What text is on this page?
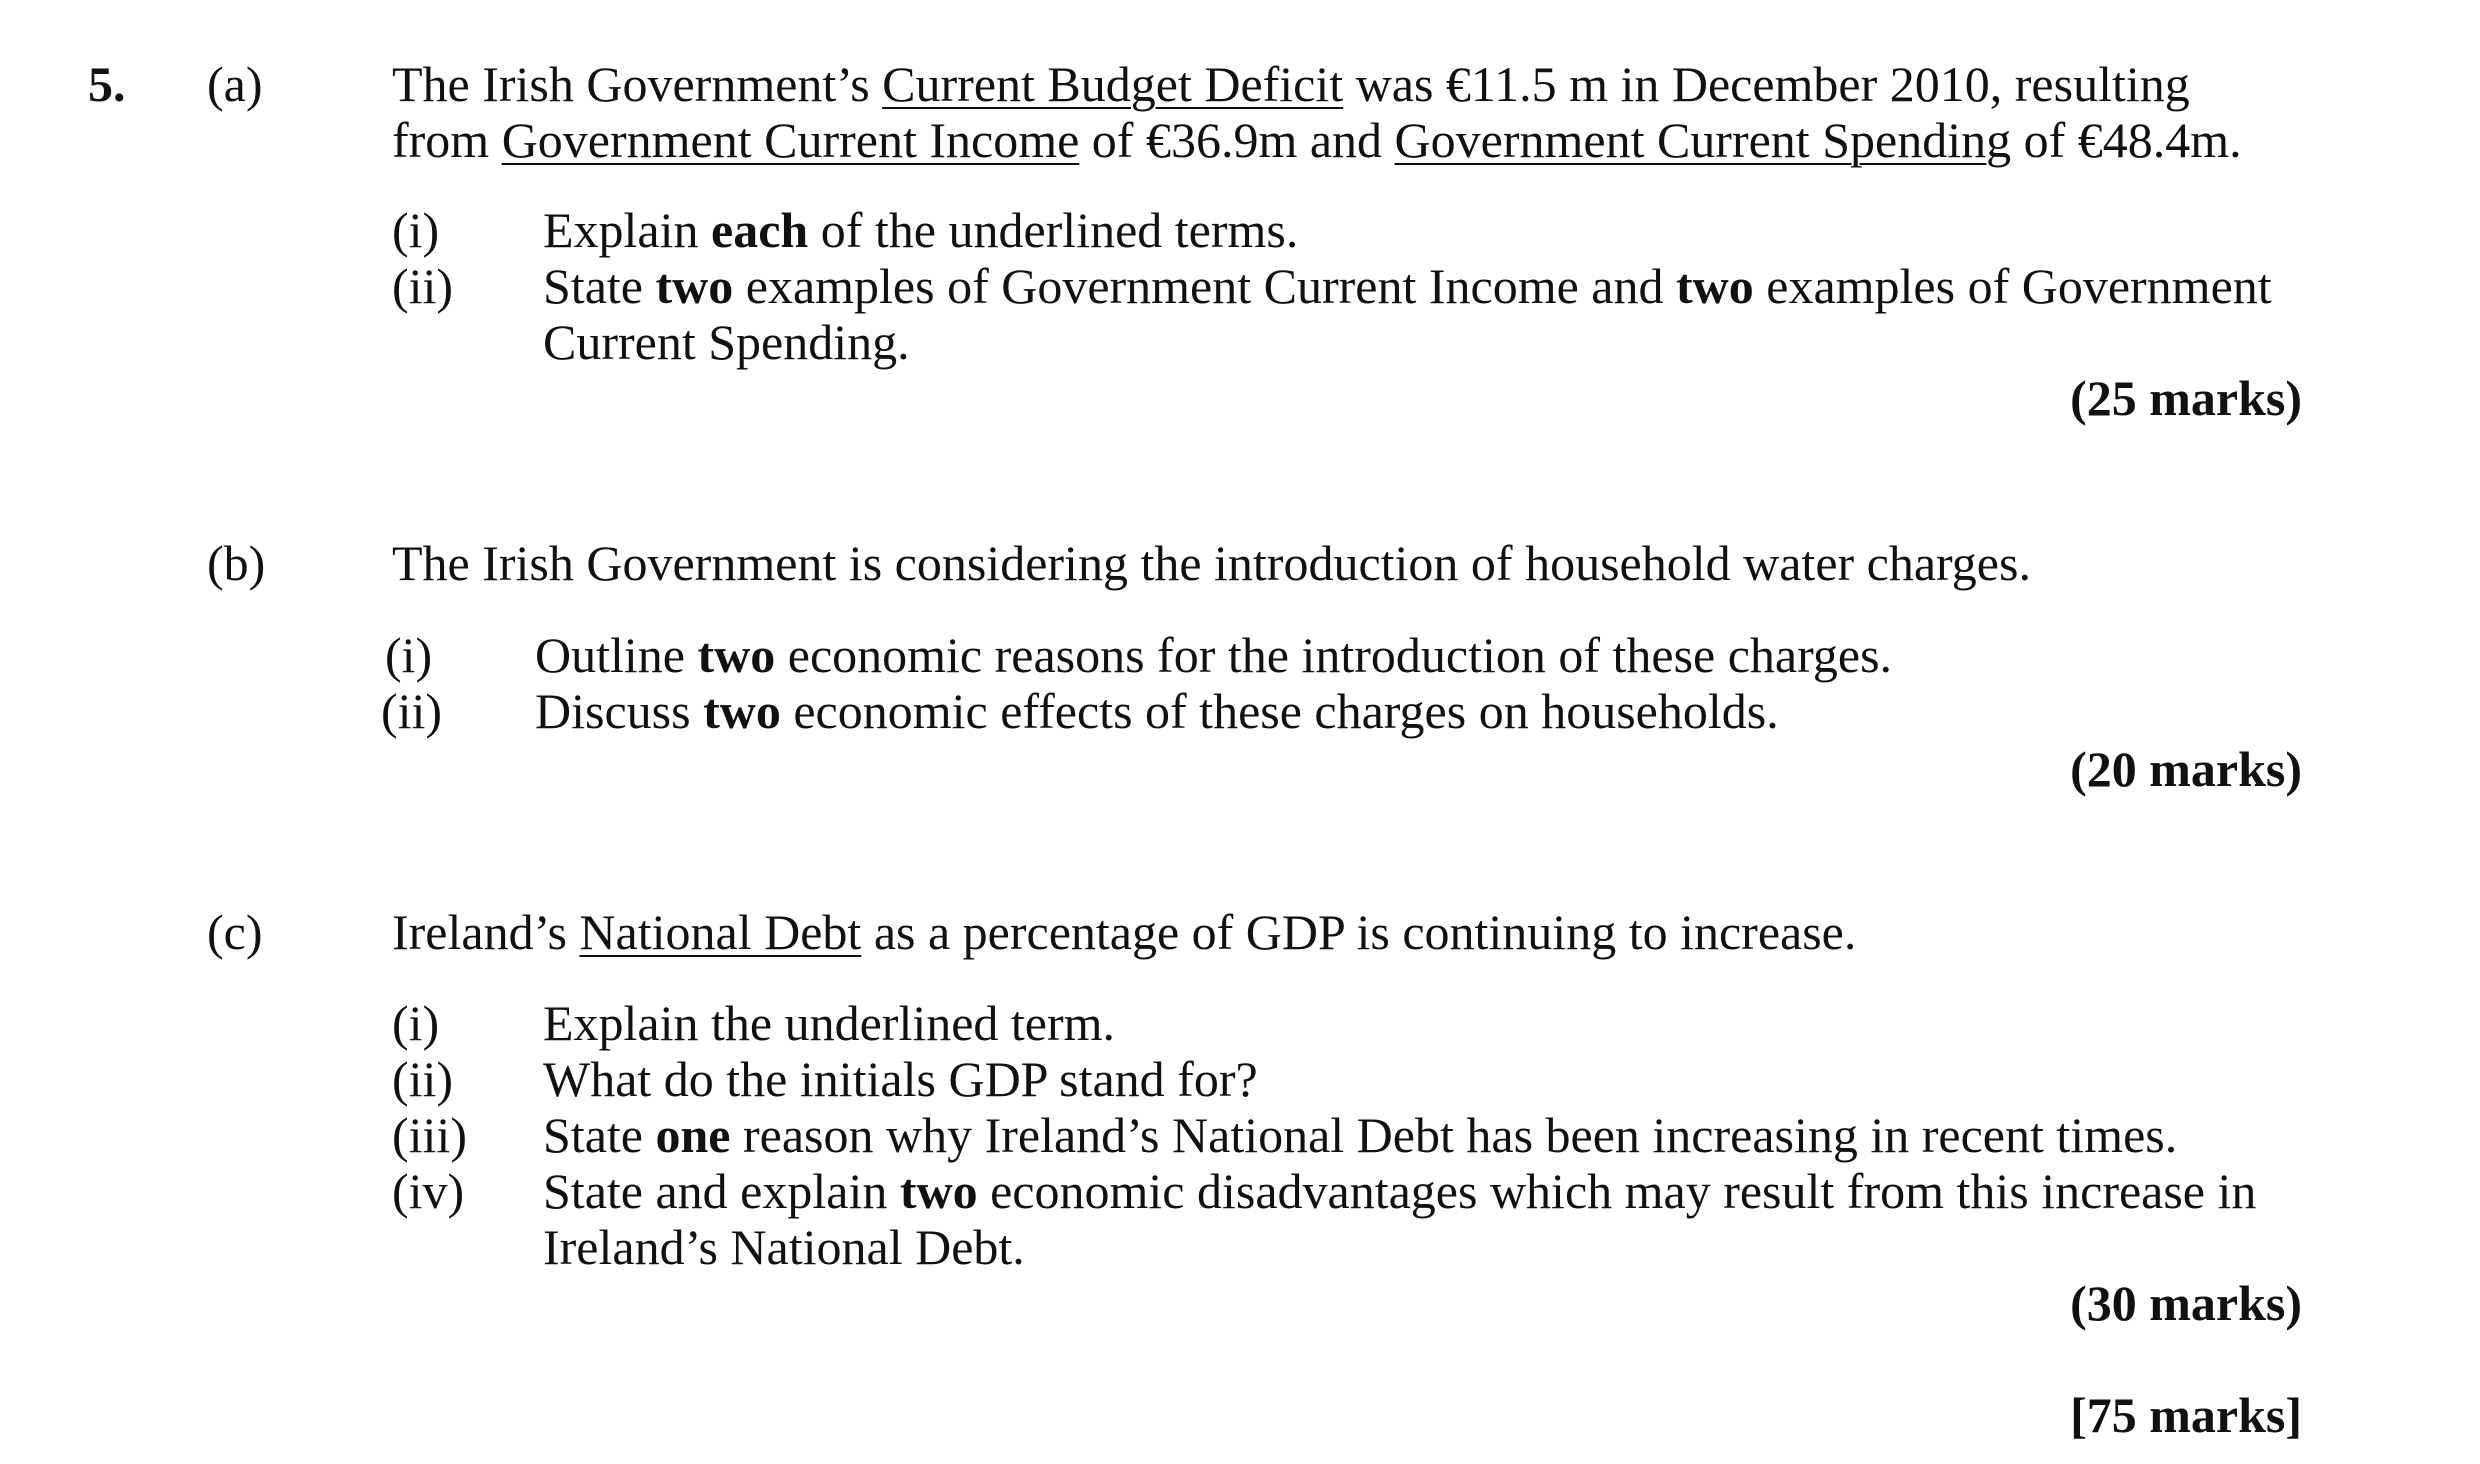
5. (a)	The Irish Government’s Current Budget Deficit was €11.5 m in December 2010, resulting
from Government Current Income of €36.9m and Government Current Spending of €48.4m.
(i) Explain each of the underlined terms.
(ii) State two examples of Government Current Income and two examples of Government
Current Spending.
(25 marks)
(b)	The Irish Government is considering the introduction of household water charges.
(i) Outline two economic reasons for the introduction of these charges.
(ii) Discuss two economic effects of these charges on households.
(20 marks)
(c)	Ireland’s National Debt as a percentage of GDP is continuing to increase.
(i) Explain the underlined term.
(ii) What do the initials GDP stand for?
(iii) State one reason why Ireland’s National Debt has been increasing in recent times.
(iv) State and explain two economic disadvantages which may result from this increase in
Ireland’s National Debt.
(30 marks)
[75 marks]
